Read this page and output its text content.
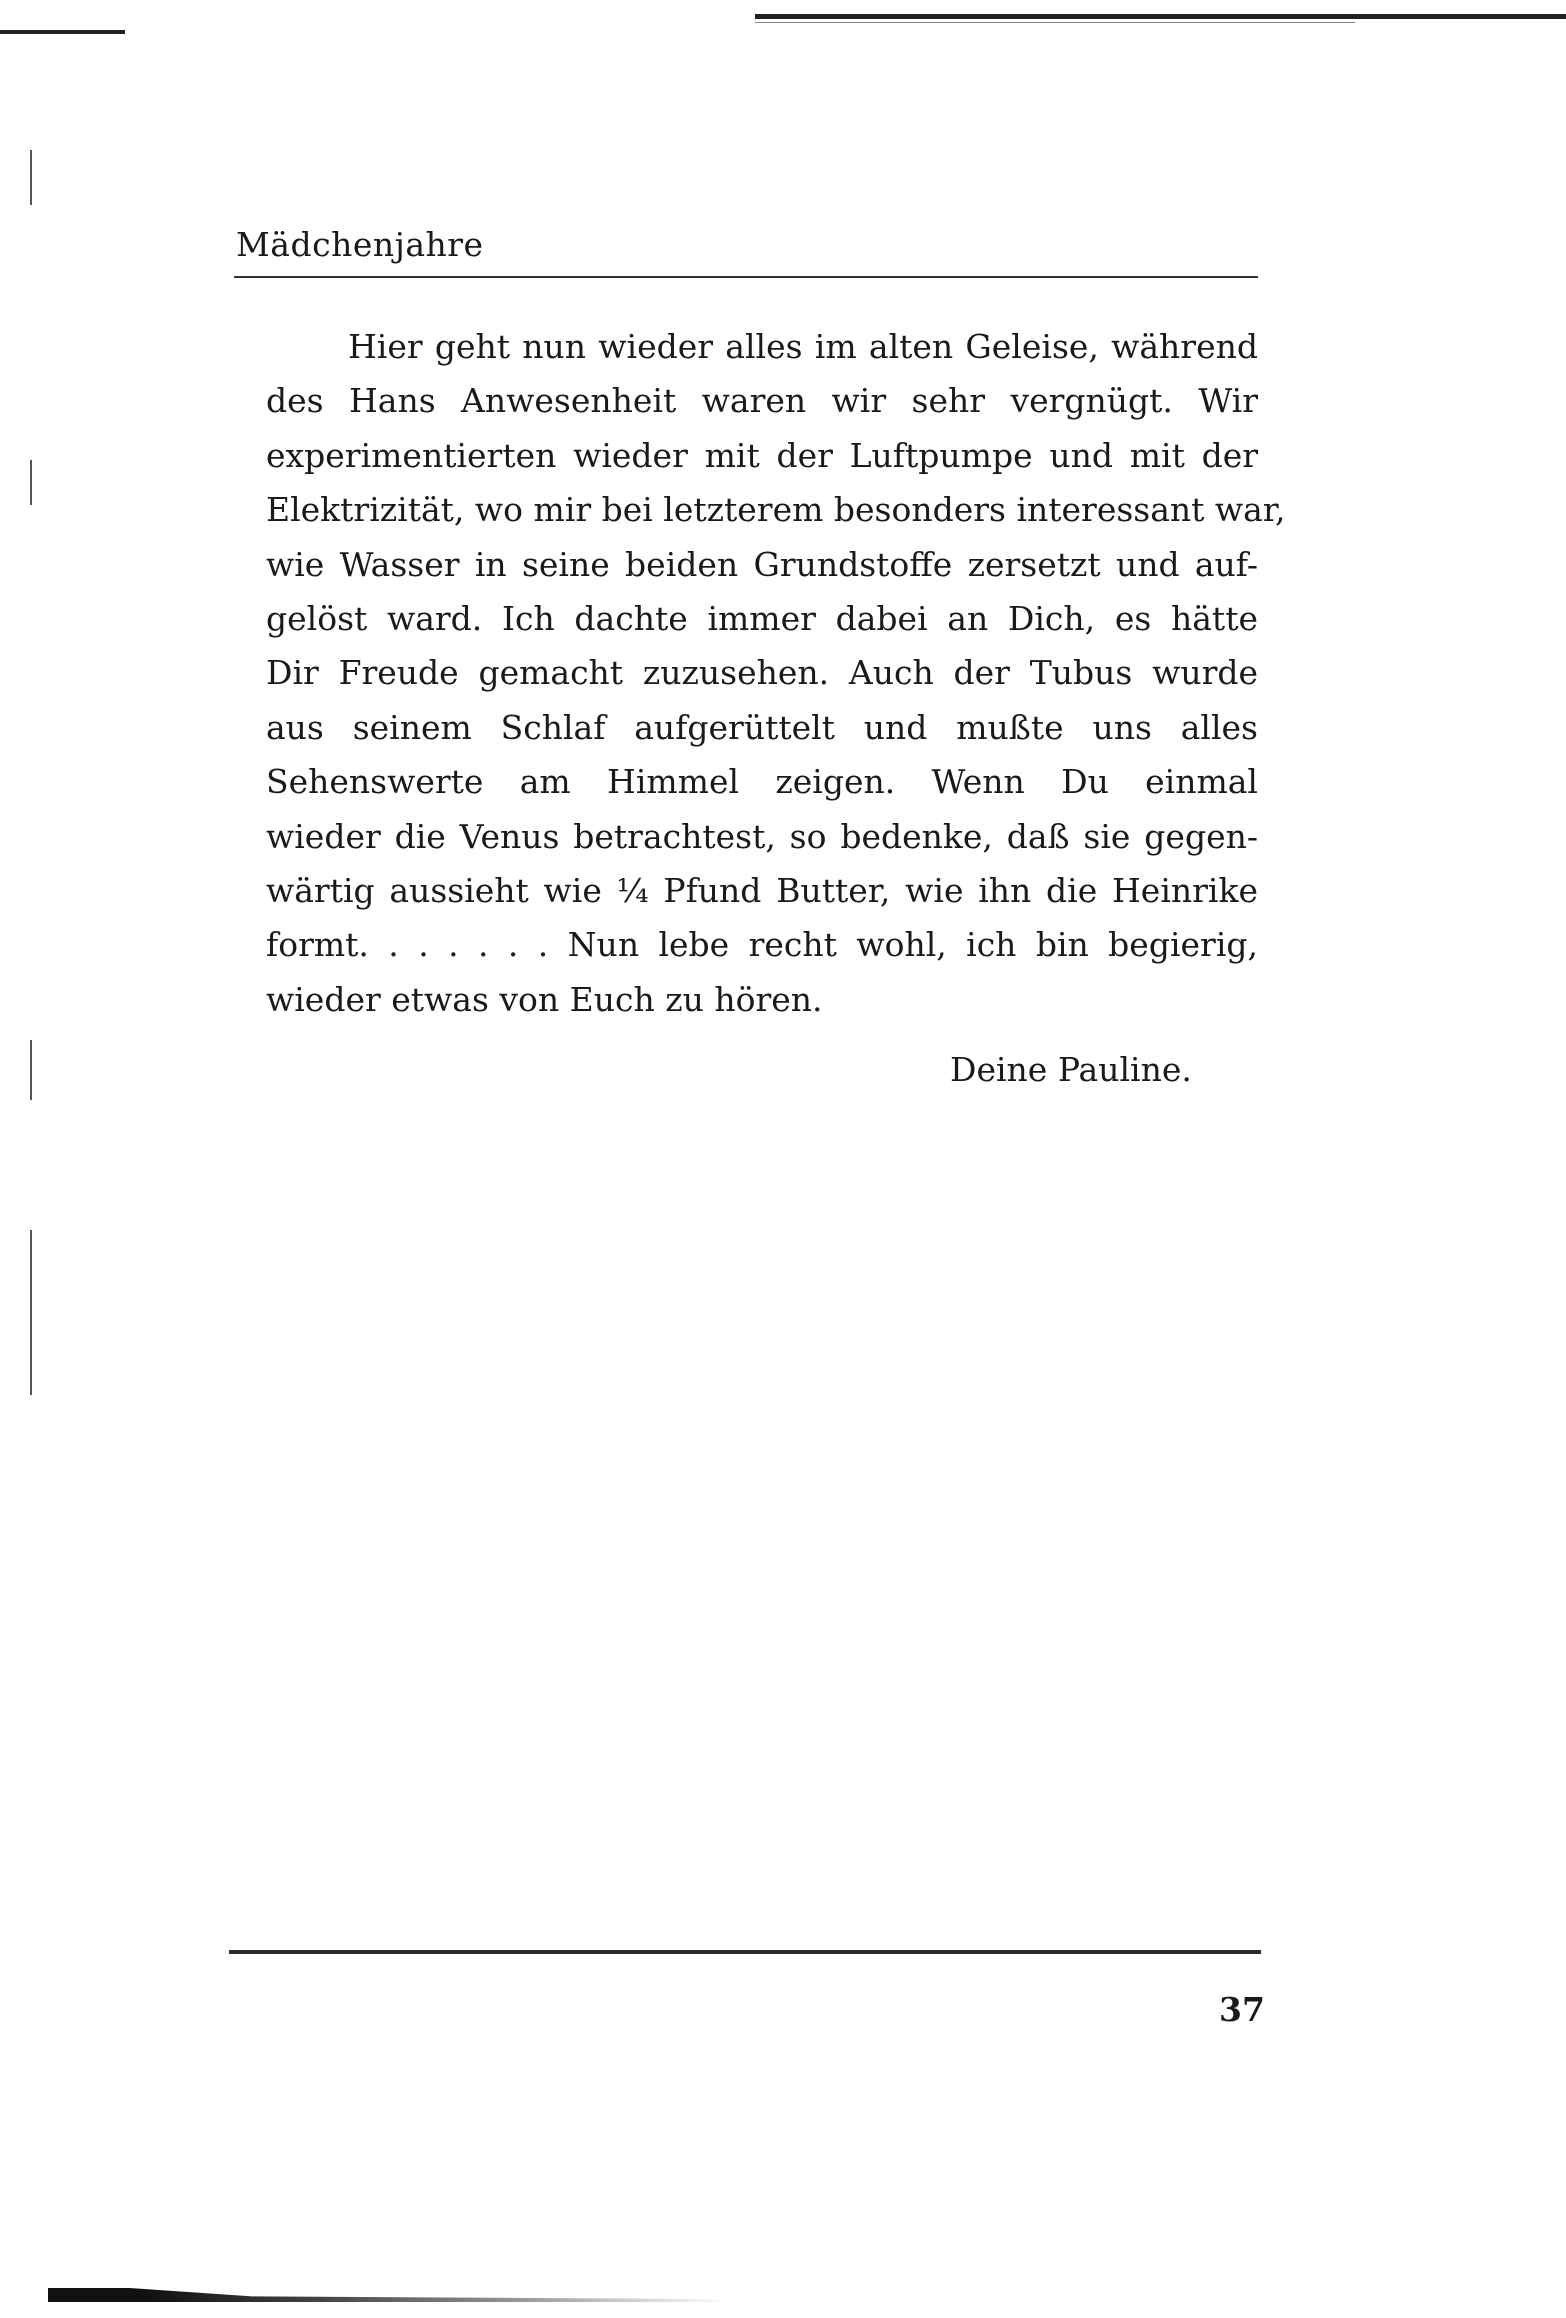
Mädchenjahre
Hier geht nun wieder alles im alten Geleise, während
des Hans Anwesenheit waren wir sehr vergnügt. Wir
experimentierten wieder mit der Luftpumpe und mit der
Elektrizität, wo mir bei letzterem besonders interessant war,
wie Wasser in seine beiden Grundstoffe zersetzt und auf-
gelöst ward. Ich dachte immer dabei an Dich, es hätte
Dir Freude gemacht zuzusehen. Auch der Tubus wurde
aus seinem Schlaf aufgerüttelt und mußte uns alles
Sehenswerte am Himmel zeigen. Wenn Du einmal
wieder die Venus betrachtest, so bedenke, daß sie gegen-
wärtig aussieht wie ¼ Pfund Butter, wie ihn die Heinrike
formt. . . . . . . Nun lebe recht wohl, ich bin begierig,
wieder etwas von Euch zu hören.
Deine Pauline.
37
